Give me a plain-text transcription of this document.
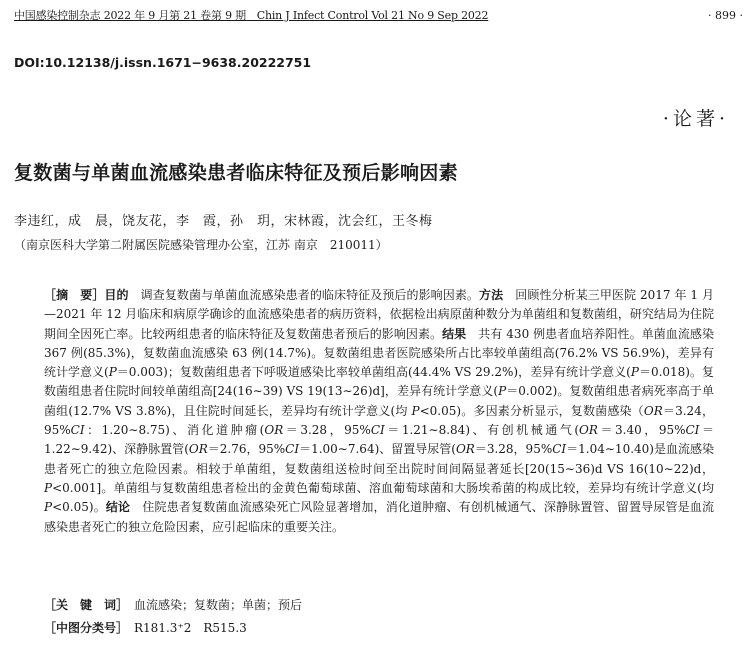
中国感染控制杂志 2022 年 9 月第 21 卷第 9 期　Chin J Infect Control Vol 21 No 9 Sep 2022	· 899 ·
DOI:10.12138/j.issn.1671−9638.20222751
·论著·
复数菌与单菌血流感染患者临床特征及预后影响因素
李违红，成　晨，饶友花，李　霞，孙　玥，宋林霞，沈会红，王冬梅
（南京医科大学第二附属医院感染管理办公室，江苏 南京　210011）
［摘　要］目的　调查复数菌与单菌血流感染患者的临床特征及预后的影响因素。方法　回顾性分析某三甲医院 2017 年 1 月—2021 年 12 月临床和病原学确诊的血流感染患者的病历资料，依据检出病原菌种数分为单菌组和复数菌组，研究结局为住院期间全因死亡率。比较两组患者的临床特征及复数菌患者预后的影响因素。结果　共有 430 例患者血培养阳性。单菌血流感染 367 例(85.3%)，复数菌血流感染 63 例(14.7%)。复数菌组患者医院感染所占比率较单菌组高(76.2% VS 56.9%)，差异有统计学意义(P＝0.003)；复数菌组患者下呼吸道感染比率较单菌组高(44.4% VS 29.2%)，差异有统计学意义(P＝0.018)。复数菌组患者住院时间较单菌组高[24(16∼39) VS 19(13∼26)d]，差异有统计学意义(P＝0.002)。复数菌组患者病死率高于单菌组(12.7% VS 3.8%)，且住院时间延长，差异均有统计学意义(均 P<0.05)。多因素分析显示，复数菌感染（OR＝3.24，95%CI：1.20∼8.75)、消化道肿瘤(OR＝3.28，95%CI＝1.21∼8.84)、有创机械通气(OR＝3.40，95%CI＝1.22∼9.42)、深静脉置管(OR＝2.76，95%CI＝1.00∼7.64)、留置导尿管(OR＝3.28，95%CI＝1.04∼10.40)是血流感染患者死亡的独立危险因素。相较于单菌组，复数菌组送检时间至出院时间间隔显著延长[20(15∼36)d VS 16(10∼22)d，P<0.001]。单菌组与复数菌组患者检出的金黄色葡萄球菌、溶血葡萄球菌和大肠埃希菌的构成比较，差异均有统计学意义(均 P<0.05)。结论　住院患者复数菌血流感染死亡风险显著增加，消化道肿瘤、有创机械通气、深静脉置管、留置导尿管是血流感染患者死亡的独立危险因素，应引起临床的重要关注。
［关　键　词］ 血流感染；复数菌；单菌；预后
［中图分类号］ R181.3⁺2　R515.3
